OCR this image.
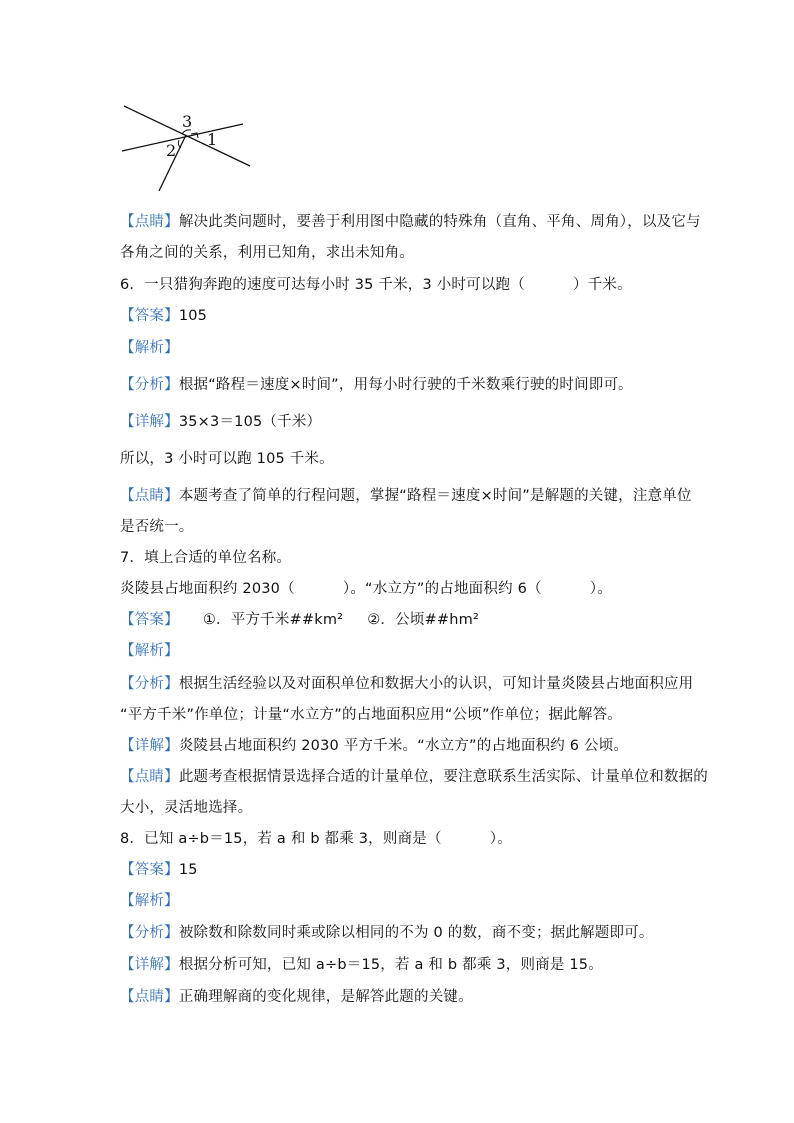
3
2
1
【点睛】解决此类问题时，要善于利用图中隐藏的特殊角（直角、平角、周角），以及它与
各角之间的关系，利用已知角，求出未知角。
6．一只猎狗奔跑的速度可达每小时 35 千米，3 小时可以跑（          ）千米。
【答案】105
【解析】
【分析】根据“路程＝速度×时间”，用每小时行驶的千米数乘行驶的时间即可。
【详解】35×3＝105（千米）
所以，3 小时可以跑 105 千米。
【点睛】本题考查了简单的行程问题，掌握“路程＝速度×时间”是解题的关键，注意单位
是否统一。
7．填上合适的单位名称。
炎陵县占地面积约 2030（          ）。“水立方”的占地面积约 6（          ）。
【答案】     ①．平方千米##km²     ②．公顷##hm²
【解析】
【分析】根据生活经验以及对面积单位和数据大小的认识，可知计量炎陵县占地面积应用
“平方千米”作单位；计量“水立方”的占地面积应用“公顷”作单位；据此解答。
【详解】炎陵县占地面积约 2030 平方千米。“水立方”的占地面积约 6 公顷。
【点睛】此题考查根据情景选择合适的计量单位，要注意联系生活实际、计量单位和数据的
大小，灵活地选择。
8．已知 a÷b＝15，若 a 和 b 都乘 3，则商是（          ）。
【答案】15
【解析】
【分析】被除数和除数同时乘或除以相同的不为 0 的数，商不变；据此解题即可。
【详解】根据分析可知，已知 a÷b＝15，若 a 和 b 都乘 3，则商是 15。
【点睛】正确理解商的变化规律，是解答此题的关键。
